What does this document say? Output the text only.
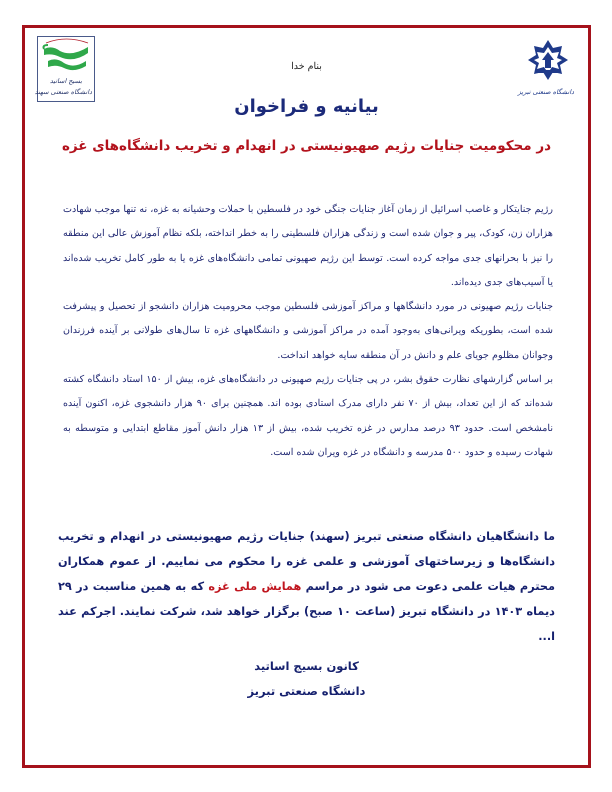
بسیج اساتید
دانشگاه صنعتی سهند	دانشگاه صنعتی تبریز
بنام خدا
بیانیه و فراخوان
در محکومیت جنایات رژیم صهیونیستی در انهدام و تخریب دانشگاه‌های غزه

رژیم جنایتکار و غاصب اسرائیل از زمان آغاز جنایات جنگی خود در فلسطین با حملات وحشیانه به غزه، نه تنها موجب شهادت هزاران زن، کودک، پیر و جوان شده است و زندگی هزاران فلسطینی را به خطر انداخته، بلکه نظام آموزش عالی این منطقه را نیز با بحرانهای جدی مواجه کرده است. توسط این رژیم صهیونی تمامی دانشگاه‌های غزه یا به طور کامل تخریب شده‌اند یا آسیب‌های جدی دیده‌اند.

جنایات رژیم صهیونی در مورد دانشگاهها و مراکز آموزشی فلسطین موجب محرومیت هزاران دانشجو از تحصیل و پیشرفت شده است، بطوریکه ویرانی‌های به‌وجود آمده در مراکز آموزشی و دانشگاههای غزه تا سال‌های طولانی بر آینده فرزندان وجوانان مظلوم جویای علم و دانش در آن منطقه سایه خواهد انداخت.

بر اساس گزارشهای نظارت حقوق بشر، در پی جنایات رژیم صهیونی در دانشگاه‌های غزه، بیش از ۱۵۰ استاد دانشگاه کشته شده‌اند که از این تعداد، بیش از ۷۰ نفر دارای مدرک استادی بوده اند. همچنین برای ۹۰ هزار دانشجوی غزه، اکنون آینده نامشخص است. حدود ۹۳ درصد مدارس در غزه تخریب شده، بیش از ۱۳ هزار دانش آموز مقاطع ابتدایی و متوسطه به شهادت رسیده و حدود ۵۰۰ مدرسه و دانشگاه در غزه ویران شده است.

ما دانشگاهیان دانشگاه صنعتی تبریز (سهند) جنایات رژیم صهیونیستی در انهدام و تخریب دانشگاه‌ها و زیرساختهای آموزشی و علمی غزه را محکوم می نماییم. از عموم همکاران محترم هیات علمی دعوت می شود در مراسم همایش ملی غزه که به همین مناسبت در ۲۹ دیماه ۱۴۰۳ در دانشگاه تبریز (ساعت ۱۰ صبح) برگزار خواهد شد، شرکت نمایند. اجرکم عند ا...

کانون بسیج اساتید
دانشگاه صنعتی تبریز
